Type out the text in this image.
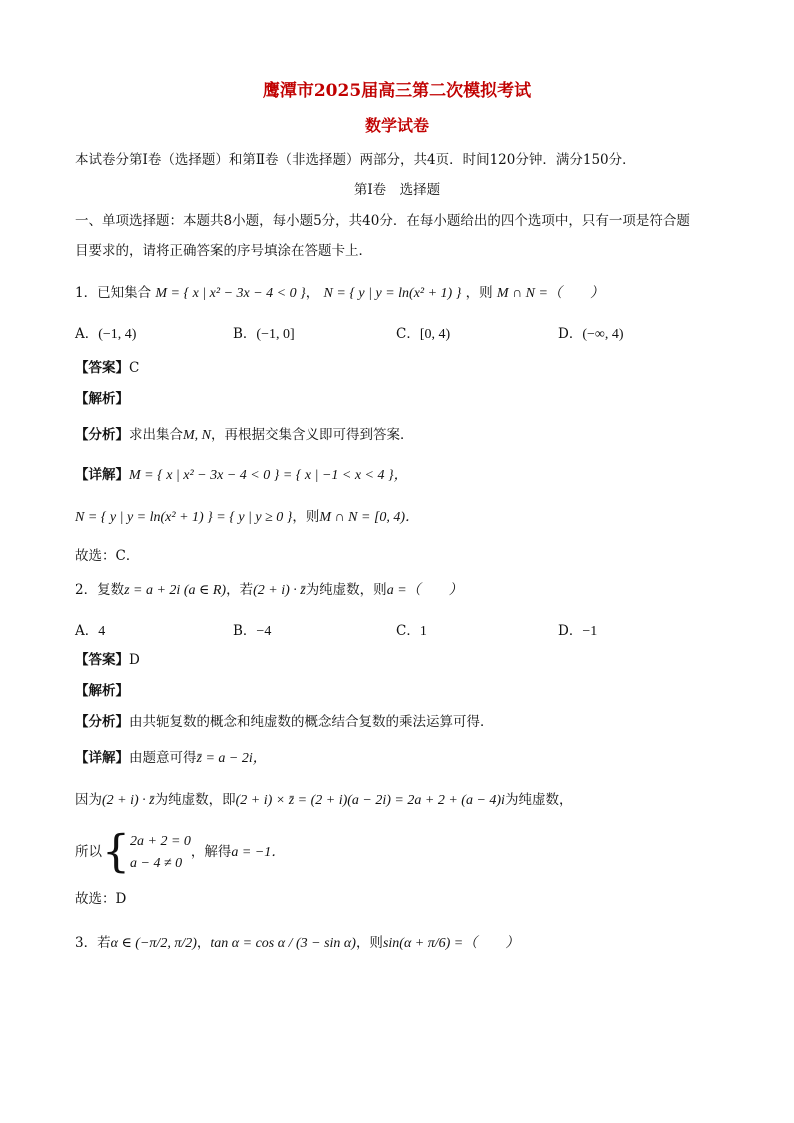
鹰潭市2025届高三第二次模拟考试
数学试卷
本试卷分第Ⅰ卷（选择题）和第Ⅱ卷（非选择题）两部分，共4页．时间120分钟．满分150分．
第Ⅰ卷　选择题
一、单项选择题：本题共8小题，每小题5分，共40分．在每小题给出的四个选项中，只有一项是符合题
目要求的，请将正确答案的序号填涂在答题卡上．
1．已知集合 M = { x | x² − 3x − 4 < 0 }， N = { y | y = ln(x² + 1) } ，则 M ∩ N =（　　）
A．(−1, 4)	B．(−1, 0]	C．[0, 4)	D．(−∞, 4)
【答案】C
【解析】
【分析】求出集合M, N，再根据交集含义即可得到答案．
【详解】M = { x | x² − 3x − 4 < 0 } = { x | −1 < x < 4 }，
N = { y | y = ln(x² + 1) } = { y | y ≥ 0 }，则M ∩ N = [0, 4)．
故选：C．
2．复数z = a + 2i (a ∈ R)，若(2 + i) · z̄为纯虚数，则a =（　　）
A．4	B．−4	C．1	D．−1
【答案】D
【解析】
【分析】由共轭复数的概念和纯虚数的概念结合复数的乘法运算可得．
【详解】由题意可得z̄ = a − 2i，
因为(2 + i) · z̄为纯虚数，即(2 + i) × z̄ = (2 + i)(a − 2i) = 2a + 2 + (a − 4)i为纯虚数，
所以{ 2a + 2 = 0
a − 4 ≠ 0
，解得a = −1．
故选：D
3．若α ∈ (−π/2, π/2)，tan α = cos α / (3 − sin α)，则sin(α + π/6) =（　　）
